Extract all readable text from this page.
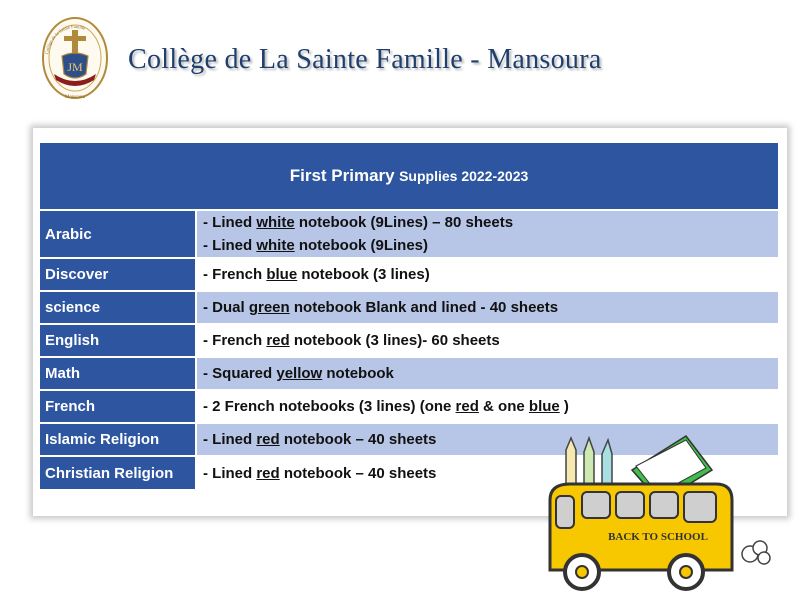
Collège de la Sainte Famille
JM
Mansoura
Collège de La Sainte Famille - Mansoura
First Primary Supplies 2022-2023	
Arabic	- Lined white notebook (9Lines) – 80 sheets
- Lined white notebook (9Lines)

Discover	- French blue notebook (3 lines)
science	- Dual green notebook Blank and lined - 40 sheets
English	- French red notebook (3 lines)- 60 sheets
Math	- Squared yellow notebook
French	- 2 French notebooks (3 lines) (one red & one blue )
Islamic Religion	- Lined red notebook – 40 sheets
Christian Religion	- Lined red notebook – 40 sheets
BACK TO SCHOOL
